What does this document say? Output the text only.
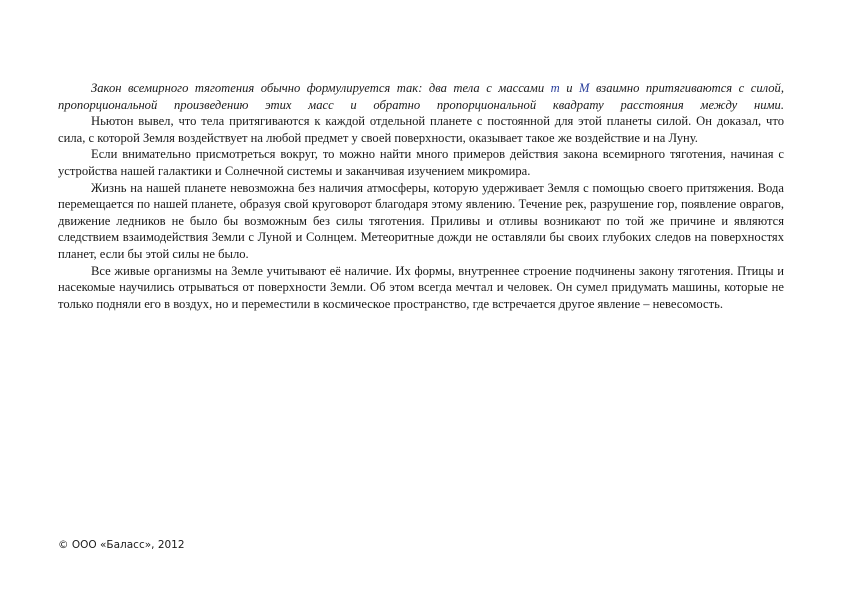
Закон всемирного тяготения обычно формулируется так: два тела с массами m и M взаимно притягиваются с силой, пропорциональной произведению этих масс и обратно пропорциональной квадрату расстояния между ними.

Ньютон вывел, что тела притягиваются к каждой отдельной планете с постоянной для этой планеты силой. Он доказал, что сила, с которой Земля воздействует на любой предмет у своей поверхности, оказывает такое же воздействие и на Луну.

Если внимательно присмотреться вокруг, то можно найти много примеров действия закона всемирного тяготения, начиная с устройства нашей галактики и Солнечной системы и заканчивая изучением микромира.

Жизнь на нашей планете невозможна без наличия атмосферы, которую удерживает Земля с помощью своего притяжения. Вода перемещается по нашей планете, образуя свой круговорот благодаря этому явлению. Течение рек, разрушение гор, появление оврагов, движение ледников не было бы возможным без силы тяготения. Приливы и отливы возникают по той же причине и являются следствием взаимодействия Земли с Луной и Солнцем. Метеоритные дожди не оставляли бы своих глубоких следов на поверхностях планет, если бы этой силы не было.

Все живые организмы на Земле учитывают её наличие. Их формы, внутреннее строение подчинены закону тяготения. Птицы и насекомые научились отрываться от поверхности Земли. Об этом всегда мечтал и человек. Он сумел придумать машины, которые не только подняли его в воздух, но и переместили в космическое пространство, где встречается другое явление – невесомость.

© ООО «Баласс», 2012
